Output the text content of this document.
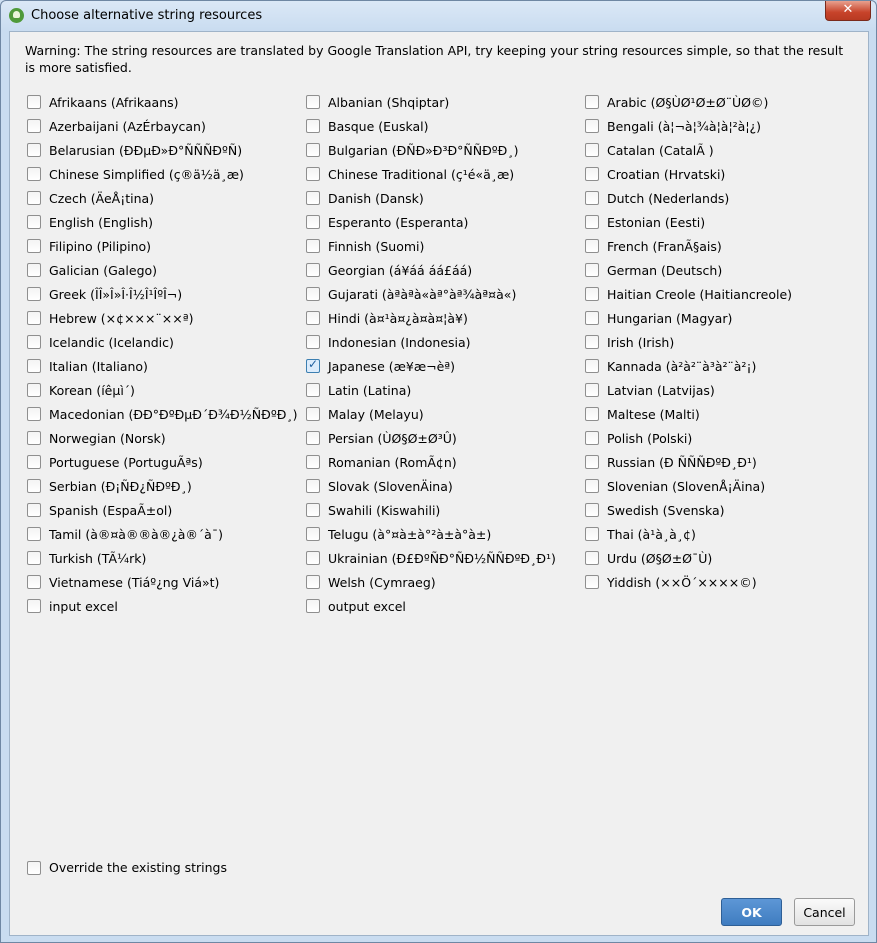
Choose alternative string resources	✕
Warning: The string resources are translated by Google Translation API, try keeping your string resources simple, so that the result is more satisfied.
Afrikaans (Afrikaans)	Albanian (Shqiptar)	Arabic (Ø§ÙØ¹Ø±Ø¨ÙØ©)
Azerbaijani (AzÉrbaycan)	Basque (Euskal)	Bengali (à¦¬à¦¾à¦à¦²à¦¿)
Belarusian (ÐÐµÐ»Ð°ÑÑÑÐºÑ)	Bulgarian (ÐÑÐ»Ð³Ð°ÑÑÐºÐ¸)	Catalan (CatalÃ )
Chinese Simplified (ç®ä½ä¸æ)	Chinese Traditional (ç¹é«ä¸æ)	Croatian (Hrvatski)
Czech (ÄeÅ¡tina)	Danish (Dansk)	Dutch (Nederlands)
English (English)	Esperanto (Esperanta)	Estonian (Eesti)
Filipino (Pilipino)	Finnish (Suomi)	French (FranÃ§ais)
Galician (Galego)	Georgian (á¥áá áá£áá)	German (Deutsch)
Greek (ÎÎ»Î»Î·Î½Î¹ÎºÎ¬)	Gujarati (àªàªà«àª°àª¾àª¤à«)	Haitian Creole (Haitiancreole)
Hebrew (×¢×××¨××ª)	Hindi (à¤¹à¤¿à¤à¤¦à¥)	Hungarian (Magyar)
Icelandic (Icelandic)	Indonesian (Indonesia)	Irish (Irish)
Italian (Italiano)
✓	Japanese (æ¥æ¬èª)	Kannada (à²à²¨à³à²¨à²¡)
Korean (íêµì´)	Latin (Latina)	Latvian (Latvijas)
Macedonian (ÐÐ°ÐºÐµÐ´Ð¾Ð½ÑÐºÐ¸) Malay (Melayu)	Maltese (Malti)
Norwegian (Norsk)	Persian (ÙØ§Ø±Ø³Û)	Polish (Polski)
Portuguese (PortuguÃªs)	Romanian (RomÃ¢n)	Russian (Ð ÑÑÑÐºÐ¸Ð¹)
Serbian (Ð¡ÑÐ¿ÑÐºÐ¸)	Slovak (SlovenÄina)	Slovenian (SlovenÅ¡Äina)
Spanish (EspaÃ±ol)	Swahili (Kiswahili)	Swedish (Svenska)
Tamil (à®¤à®®à®¿à®´à¯)	Telugu (à°¤à±à°²à±à°à±)	Thai (à¹à¸à¸¢)
Turkish (TÃ¼rk)	Ukrainian (Ð£ÐºÑÐ°ÑÐ½ÑÑÐºÐ¸Ð¹)	Urdu (Ø§Ø±Ø¯Ù)
Vietnamese (Tiáº¿ng Viá»t)	Welsh (Cymraeg)	Yiddish (××Ö´××××©)
input excel	output excel
Override the existing strings
OK	Cancel
